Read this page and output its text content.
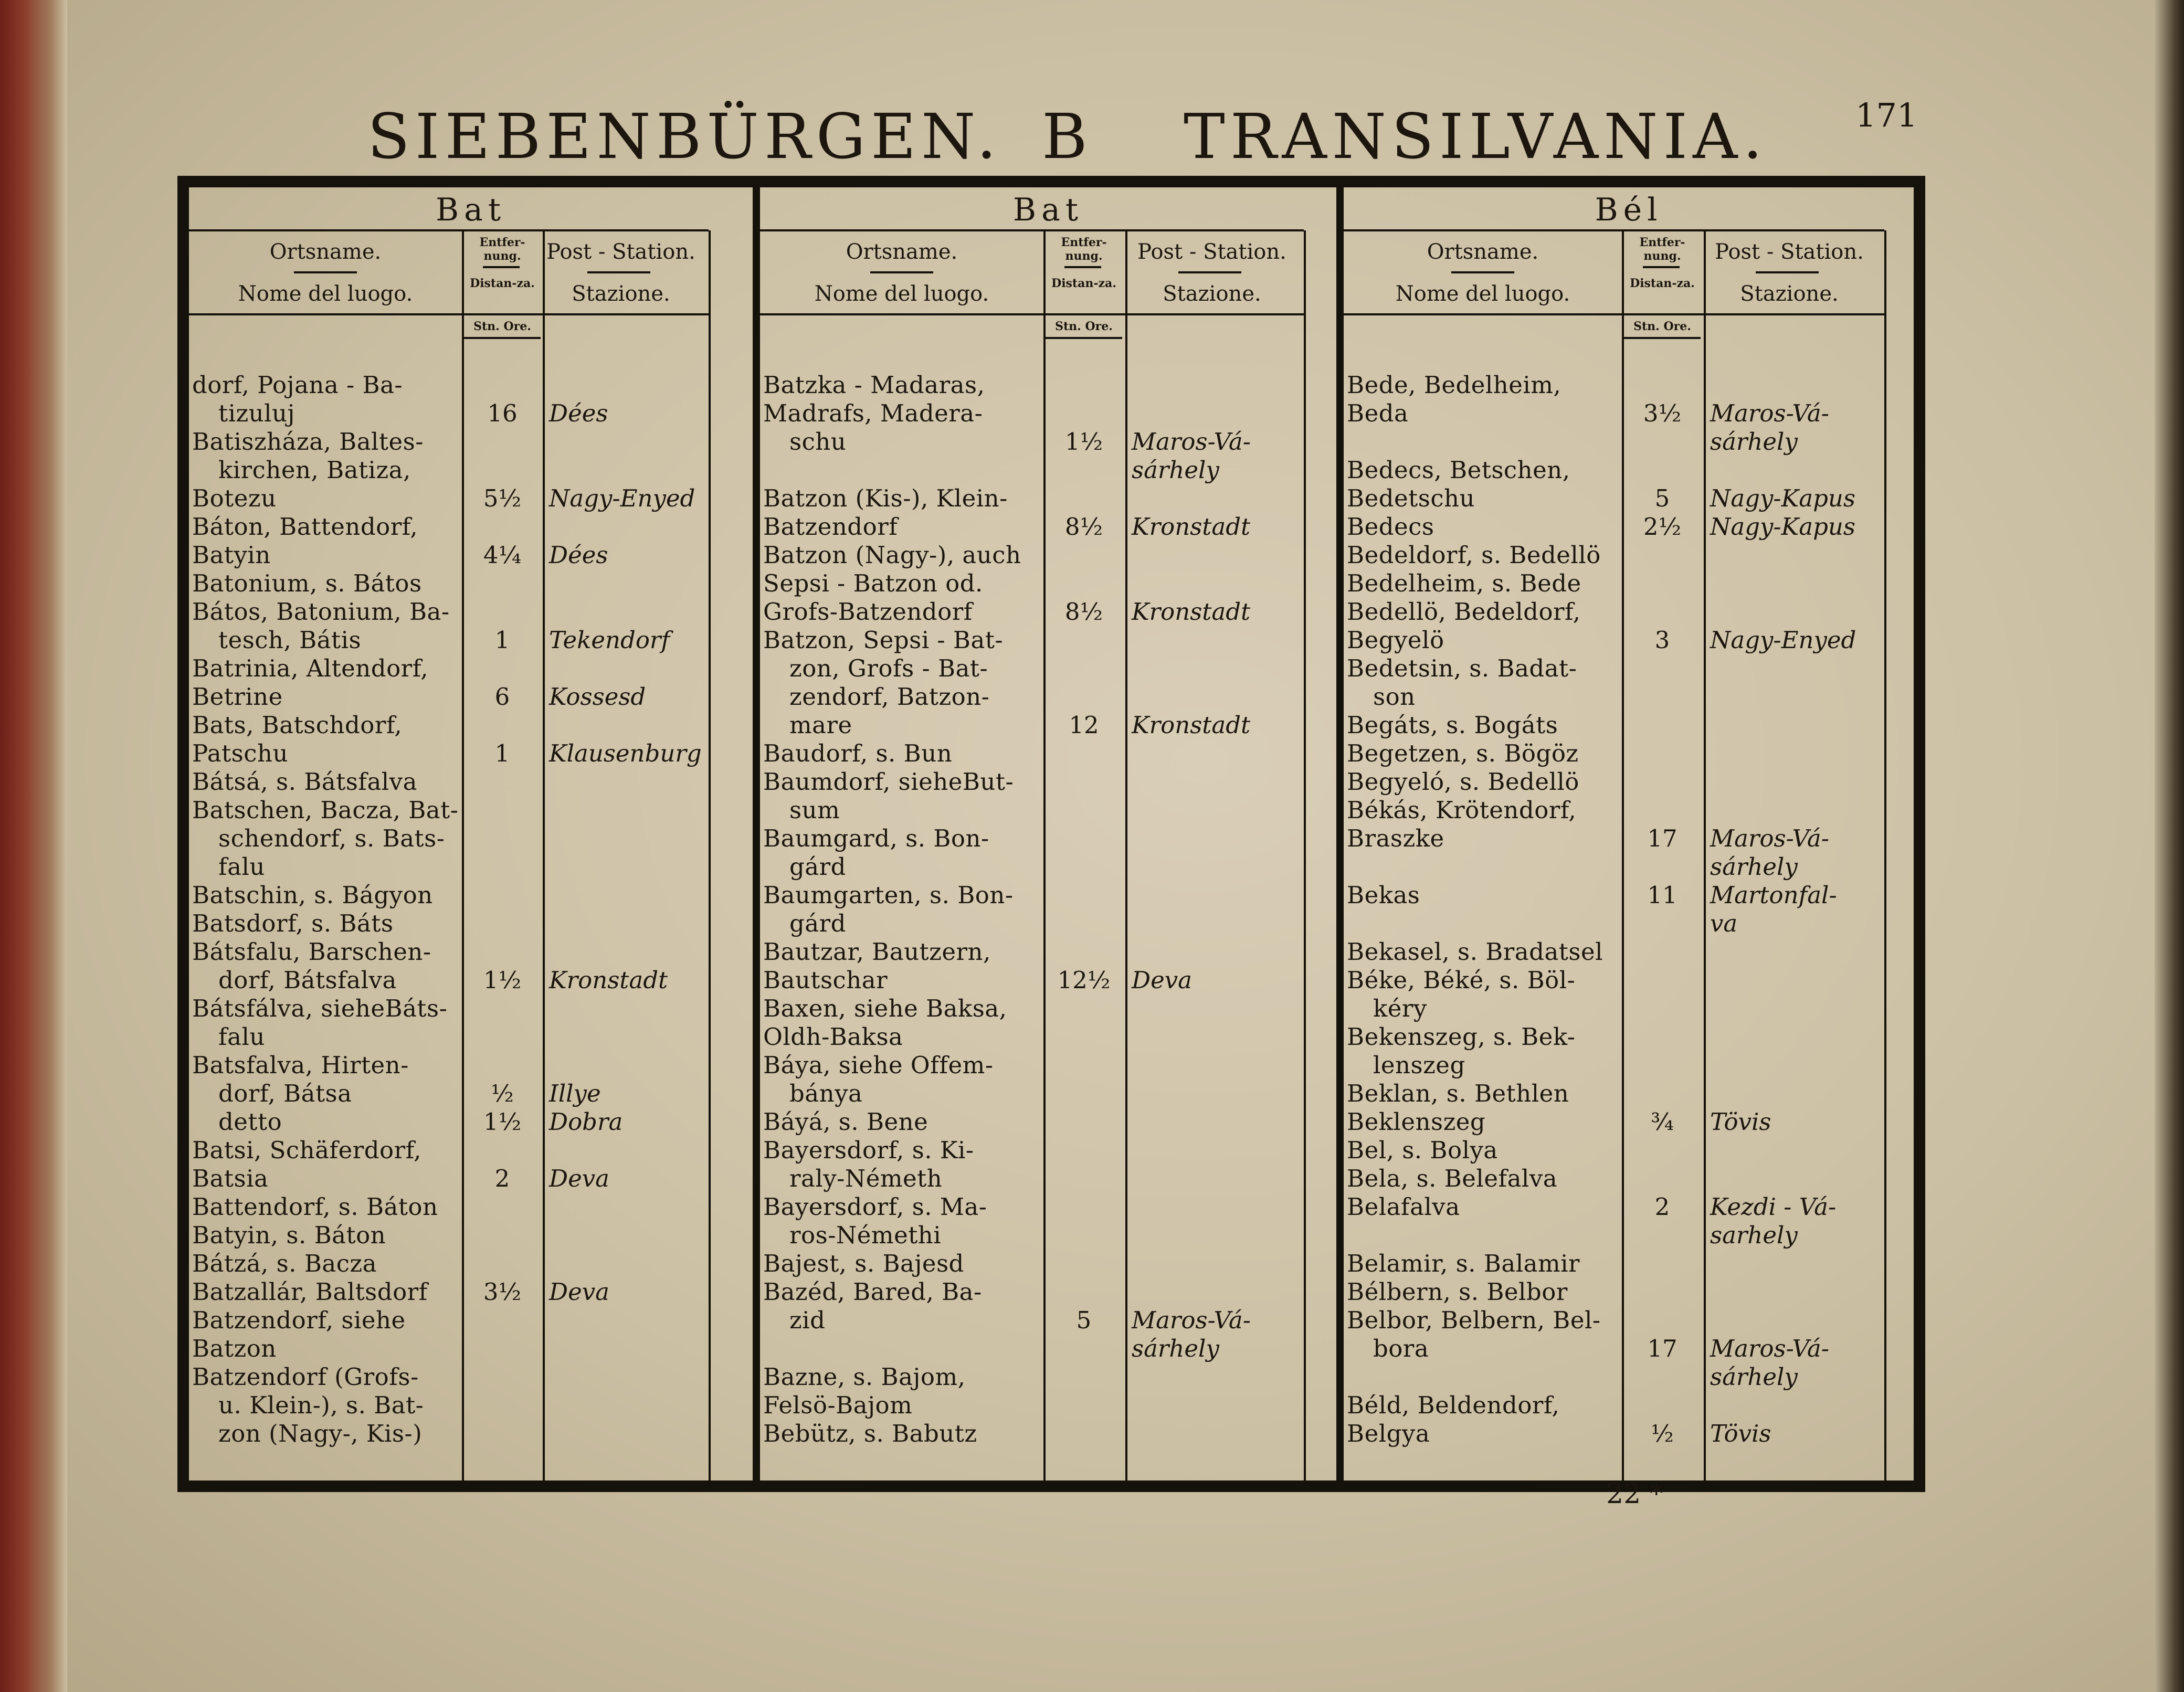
SIEBENBÜRGEN. B TRANSILVANIA.	171
Bat
Ortsname.
Nome del luogo.
Entfer-nung.
Distan-za.
Stn. Ore.
Post - Station.
Stazione.
dorf, Pojana - Ba-
tizuluj	16	Dées
Batiszháza, Baltes-
kirchen, Batiza,
Botezu	5½	Nagy-Enyed
Báton, Battendorf,
Batyin	4¼	Dées
Batonium, s. Bátos
Bátos, Batonium, Ba-
tesch, Bátis	1	Tekendorf
Batrinia, Altendorf,
Betrine	6	Kossesd
Bats, Batschdorf,
Patschu	1	Klausenburg
Bátsá, s. Bátsfalva
Batschen, Bacza, Bat-
schendorf, s. Bats-
falu
Batschin, s. Bágyon
Batsdorf, s. Báts
Bátsfalu, Barschen-
dorf, Bátsfalva	1½	Kronstadt
Bátsfálva, sieheBáts-
falu
Batsfalva, Hirten-
dorf, Bátsa	½	Illye
detto	1½	Dobra
Batsi, Schäferdorf,
Batsia	2	Deva
Battendorf, s. Báton
Batyin, s. Báton
Bátzá, s. Bacza
Batzallár, Baltsdorf	3½	Deva
Batzendorf, siehe
Batzon
Batzendorf (Grofs-
u. Klein-), s. Bat-
zon (Nagy-, Kis-)
Bat
Ortsname.
Nome del luogo.
Entfer-nung.
Distan-za.
Stn. Ore.
Post - Station.
Stazione.
Batzka - Madaras,
Madrafs, Madera-
schu	1½	Maros-Vá-
sárhely
Batzon (Kis-), Klein-
Batzendorf	8½	Kronstadt
Batzon (Nagy-), auch
Sepsi - Batzon od.
Grofs-Batzendorf	8½	Kronstadt
Batzon, Sepsi - Bat-
zon, Grofs - Bat-
zendorf, Batzon-
mare	12	Kronstadt
Baudorf, s. Bun
Baumdorf, sieheBut-
sum
Baumgard, s. Bon-
gárd
Baumgarten, s. Bon-
gárd
Bautzar, Bautzern,
Bautschar	12½ Deva
Baxen, siehe Baksa,
Oldh-Baksa
Báya, siehe Offem-
bánya
Báyá, s. Bene
Bayersdorf, s. Ki-
raly-Németh
Bayersdorf, s. Ma-
ros-Némethi
Bajest, s. Bajesd
Bazéd, Bared, Ba-
zid	5	Maros-Vá-
sárhely
Bazne, s. Bajom,
Felsö-Bajom
Bebütz, s. Babutz
Bél
Ortsname.
Nome del luogo.
Entfer-nung.
Distan-za.
Stn. Ore.
Post - Station.
Stazione.
Bede, Bedelheim,
Beda	3½	Maros-Vá-
sárhely
Bedecs, Betschen,
Bedetschu	5	Nagy-Kapus
Bedecs	2½	Nagy-Kapus
Bedeldorf, s. Bedellö
Bedelheim, s. Bede
Bedellö, Bedeldorf,
Begyelö	3	Nagy-Enyed
Bedetsin, s. Badat-
son
Begáts, s. Bogáts
Begetzen, s. Bögöz
Begyeló, s. Bedellö
Békás, Krötendorf,
Braszke	17	Maros-Vá-
sárhely
Bekas	11	Martonfal-
va
Bekasel, s. Bradatsel
Béke, Béké, s. Böl-
kéry
Bekenszeg, s. Bek-
lenszeg
Beklan, s. Bethlen
Beklenszeg	¾	Tövis
Bel, s. Bolya
Bela, s. Belefalva
Belafalva	2	Kezdi - Vá-
sarhely
Belamir, s. Balamir
Bélbern, s. Belbor
Belbor, Belbern, Bel-
bora	17	Maros-Vá-
sárhely
Béld, Beldendorf,
Belgya	½	Tövis
22 *
